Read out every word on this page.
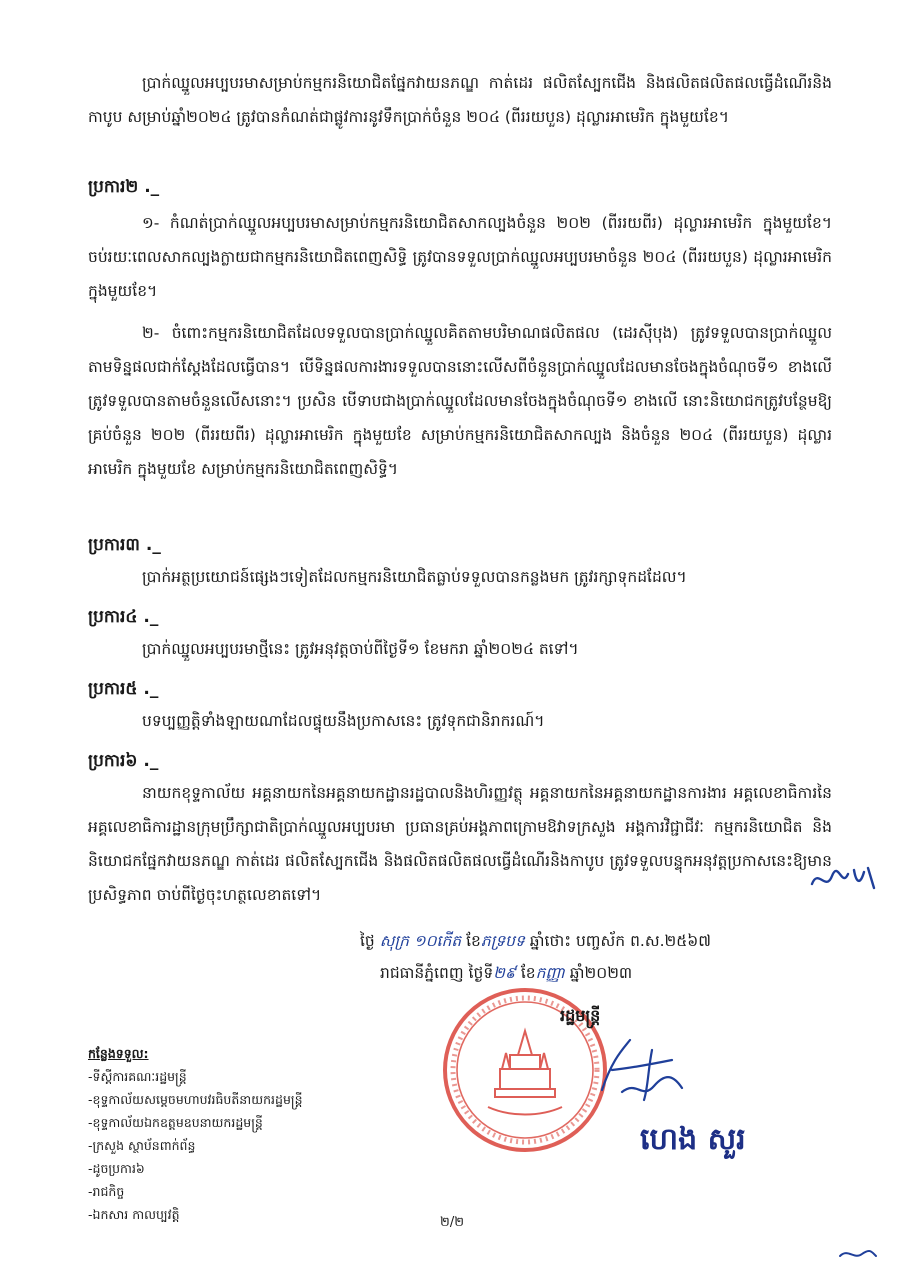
ប្រាក់ឈ្នួលអប្បបរមាសម្រាប់កម្មករនិយោជិតផ្នែកវាយនភណ្ឌ កាត់ដេរ ផលិតស្បែកជើង និងផលិតផលិតផលធ្វើដំណើរនិងកាបូប សម្រាប់ឆ្នាំ២០២៤ ត្រូវបានកំណត់ជាផ្លូវការនូវទឹកប្រាក់ចំនួន ២០៤ (ពីររយបួន) ដុល្លារអាមេរិក ក្នុងមួយខែ។
ប្រការ២ ._
១- កំណត់ប្រាក់ឈ្នួលអប្បបរមាសម្រាប់កម្មករនិយោជិតសាកល្បងចំនួន ២០២ (ពីររយពីរ) ដុល្លារអាមេរិក ក្នុងមួយខែ។ ចប់រយៈពេលសាកល្បងក្លាយជាកម្មករនិយោជិតពេញសិទ្ធិ ត្រូវបានទទួលប្រាក់ឈ្នួលអប្បបរមាចំនួន ២០៤ (ពីររយបួន) ដុល្លារអាមេរិក ក្នុងមួយខែ។
២- ចំពោះកម្មករនិយោជិតដែលទទួលបានប្រាក់ឈ្នួលគិតតាមបរិមាណផលិតផល (ដេរស៊ីបុង) ត្រូវទទួលបានប្រាក់ឈ្នួលតាមទិន្នផលជាក់ស្តែងដែលធ្វើបាន។ បើទិន្នផលការងារទទួលបាននោះលើសពីចំនួនប្រាក់ឈ្នួលដែលមានចែងក្នុងចំណុចទី១ ខាងលើ ត្រូវទទួលបានតាមចំនួនលើសនោះ។ ប្រសិន បើទាបជាងប្រាក់ឈ្នួលដែលមានចែងក្នុងចំណុចទី១ ខាងលើ នោះនិយោជកត្រូវបន្ថែមឱ្យគ្រប់ចំនួន ២០២ (ពីររយពីរ) ដុល្លារអាមេរិក ក្នុងមួយខែ សម្រាប់កម្មករនិយោជិតសាកល្បង និងចំនួន ២០៤ (ពីររយបួន) ដុល្លារអាមេរិក ក្នុងមួយខែ សម្រាប់កម្មករនិយោជិតពេញសិទ្ធិ។
ប្រការ៣ ._
ប្រាក់អត្ថប្រយោជន៍ផ្សេងៗទៀតដែលកម្មករនិយោជិតធ្លាប់ទទួលបានកន្លងមក ត្រូវរក្សាទុកដដែល។
ប្រការ៤ ._
ប្រាក់ឈ្នួលអប្បបរមាថ្មីនេះ ត្រូវអនុវត្តចាប់ពីថ្ងៃទី១ ខែមករា ឆ្នាំ២០២៤ តទៅ។
ប្រការ៥ ._
បទប្បញ្ញត្តិទាំងឡាយណាដែលផ្ទុយនឹងប្រកាសនេះ ត្រូវទុកជានិរាករណ៍។
ប្រការ៦ ._
នាយកខុទ្ទកាល័យ អគ្គនាយកនៃអគ្គនាយកដ្ឋានរដ្ឋបាលនិងហិរញ្ញវត្ថុ អគ្គនាយកនៃអគ្គនាយកដ្ឋានការងារ អគ្គលេខាធិការនៃអគ្គលេខាធិការដ្ឋានក្រុមប្រឹក្សាជាតិប្រាក់ឈ្នួលអប្បបរមា ប្រធានគ្រប់អង្គភាពក្រោមឱវាទក្រសួង អង្គការវិជ្ជាជីវៈ កម្មករនិយោជិត និងនិយោជកផ្នែកវាយនភណ្ឌ កាត់ដេរ ផលិតស្បែកជើង និងផលិតផលិតផលធ្វើដំណើរនិងកាបូប ត្រូវទទួលបន្ទុកអនុវត្តប្រកាសនេះឱ្យមានប្រសិទ្ធភាព ចាប់ពីថ្ងៃចុះហត្ថលេខាតទៅ។
ថ្ងៃ សុក្រ ១០កើត ខែភទ្របទ ឆ្នាំថោះ បញ្ចស័ក ព.ស.២៥៦៧
រាជធានីភ្នំពេញ ថ្ងៃទី២៩ ខែកញ្ញា ឆ្នាំ២០២៣
រដ្ឋមន្ត្រី
ហេង សួរ
កន្លែងទទួល:
-ទីស្តីការគណៈរដ្ឋមន្ត្រី
-ខុទ្ទកាល័យសម្តេចមហាបវរធិបតីនាយករដ្ឋមន្ត្រី
-ខុទ្ទកាល័យឯកឧត្តមឧបនាយករដ្ឋមន្ត្រី
-ក្រសួង ស្ថាប័នពាក់ព័ន្ធ
-ដូចប្រការ៦
-រាជកិច្ច
-ឯកសារ កាលប្បវត្តិ
២/២
